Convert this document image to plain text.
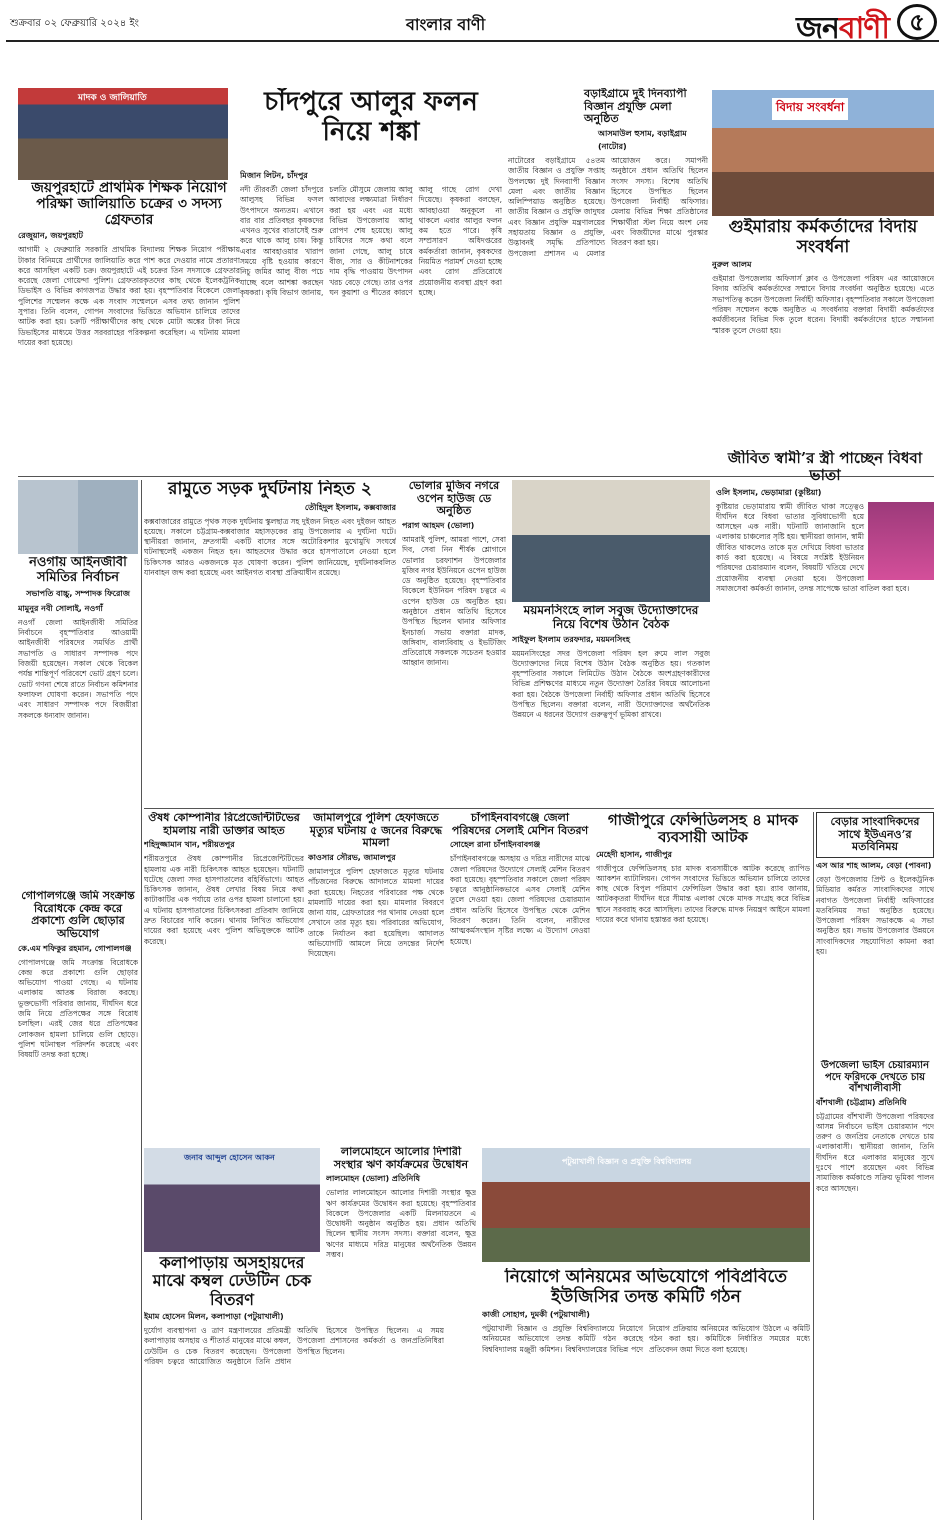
শুক্রবার ০২ ফেব্রুয়ারি ২০২৪ ইং	বাংলার বাণী	জনবাণী ৫
মাদক ও জালিয়াতি	চাঁদপুরে আলুর ফলন নিয়ে শঙ্কা
মিজান লিটন, চাঁদপুর
নদী তীরবর্তী জেলা চাঁদপুরে আলুসহ বিভিন্ন ফসল উৎপাদনে অন্যতম। এখানে বার বার প্রতিবছর কৃষকদের এখনও সুখের বাতাসেই শুরু করে থাকে আলু চাষ। কিন্তু এবার আবহাওয়ার খারাপ সময়ে বৃষ্টি হওয়ায় কারণে নিচু জমির আলু বীজ পচে যাচ্ছে বলে আশঙ্কা করছেন কৃষকরা। কৃষি বিভাগ জানায়, চলতি মৌসুমে জেলায় আলু আবাদের লক্ষ্যমাত্রা নির্ধারণ করা হয় এবং এর মধ্যে বিভিন্ন উপজেলায় আলু রোপণ শেষ হয়েছে। আলু চাষিদের সঙ্গে কথা বলে জানা গেছে, আলু চাষে বীজ, সার ও কীটনাশকের দাম বৃদ্ধি পাওয়ায় উৎপাদন খরচ বেড়ে গেছে। তার ওপর ঘন কুয়াশা ও শীতের কারণে আলু গাছে রোগ দেখা দিয়েছে। কৃষকরা বলছেন, আবহাওয়া অনুকূলে না থাকলে এবার আলুর ফলন কম হতে পারে। কৃষি সম্প্রসারণ অধিদপ্তরের কর্মকর্তারা জানান, কৃষকদের নিয়মিত পরামর্শ দেওয়া হচ্ছে এবং রোগ প্রতিরোধে প্রয়োজনীয় ব্যবস্থা গ্রহণ করা হচ্ছে।
বড়াইগ্রামে দুই দিনব্যাপী বিজ্ঞান প্রযুক্তি মেলা অনুষ্ঠিত
আসমাউল হুসাম, বড়াইগ্রাম (নাটোর)
নাটোরের বড়াইগ্রামে ৫৪তম জাতীয় বিজ্ঞান ও প্রযুক্তি সপ্তাহ উপলক্ষ্যে দুই দিনব্যাপী বিজ্ঞান মেলা এবং জাতীয় বিজ্ঞান অলিম্পিয়াড অনুষ্ঠিত হয়েছে। জাতীয় বিজ্ঞান ও প্রযুক্তি জাদুঘর এবং বিজ্ঞান প্রযুক্তি মন্ত্রণালয়ের সহায়তায় বিজ্ঞান ও প্রযুক্তি, উদ্ভাবনই সমৃদ্ধি প্রতিপাদ্যে উপজেলা প্রশাসন এ মেলার আয়োজন করে। সমাপনী অনুষ্ঠানে প্রধান অতিথি ছিলেন সংসদ সদস্য। বিশেষ অতিথি হিসেবে উপস্থিত ছিলেন উপজেলা নির্বাহী অফিসার। মেলায় বিভিন্ন শিক্ষা প্রতিষ্ঠানের শিক্ষার্থীরা স্টল নিয়ে অংশ নেয় এবং বিজয়ীদের মাঝে পুরস্কার বিতরণ করা হয়।
বিদায় সংবর্ধনা
গুইমারায় কর্মকর্তাদের বিদায় সংবর্ধনা
নুরুল আলম
গুইমারা উপজেলায় অফিসার্স ক্লাব ও উপজেলা পরিষদ এর আয়োজনে বিদায় অতিথি কর্মকর্তাদের সম্মানে বিদায় সংবর্ধনা অনুষ্ঠিত হয়েছে। এতে সভাপতিত্ব করেন উপজেলা নির্বাহী অফিসার। বৃহস্পতিবার সকালে উপজেলা পরিষদ সম্মেলন কক্ষে অনুষ্ঠিত এ সংবর্ধনায় বক্তারা বিদায়ী কর্মকর্তাদের কর্মজীবনের বিভিন্ন দিক তুলে ধরেন। বিদায়ী কর্মকর্তাদের হাতে সম্মাননা স্মারক তুলে দেওয়া হয়।
জয়পুরহাটে প্রাথমিক শিক্ষক নিয়োগ পরিক্ষা জালিয়াতি চক্রের ৩ সদস্য গ্রেফতার
রেজুয়ান, জয়পুরহাট
আগামী ২ ফেব্রুয়ারি সরকারি প্রাথমিক বিদ্যালয় শিক্ষক নিয়োগ পরীক্ষায় টাকার বিনিময়ে প্রার্থীদের জালিয়াতি করে পাশ করে দেওয়ার নামে প্রতারণা করে আসছিল একটি চক্র। জয়পুরহাটে এই চক্রের তিন সদস্যকে গ্রেফতার করেছে জেলা গোয়েন্দা পুলিশ। গ্রেফতারকৃতদের কাছ থেকে ইলেকট্রনিক ডিভাইস ও বিভিন্ন কাগজপত্র উদ্ধার করা হয়। বৃহস্পতিবার বিকেলে জেলা পুলিশের সম্মেলন কক্ষে এক সংবাদ সম্মেলনে এসব তথ্য জানান পুলিশ সুপার। তিনি বলেন, গোপন সংবাদের ভিত্তিতে অভিযান চালিয়ে তাদের আটক করা হয়। চক্রটি পরীক্ষার্থীদের কাছ থেকে মোটা অঙ্কের টাকা নিয়ে ডিভাইসের মাধ্যমে উত্তর সরবরাহের পরিকল্পনা করেছিল। এ ঘটনায় মামলা দায়ের করা হয়েছে।
নওগাঁয় আইনজীবী সমিতির নির্বাচন
সভাপতি বাচ্চু, সম্পাদক ফিরোজ
মামুনুর নবী সোলাই, নওগাঁ
নওগাঁ জেলা আইনজীবী সমিতির নির্বাচনে বৃহস্পতিবার আওয়ামী আইনজীবী পরিষদের সমর্থিত প্রার্থী সভাপতি ও সাধারণ সম্পাদক পদে বিজয়ী হয়েছেন। সকাল থেকে বিকেল পর্যন্ত শান্তিপূর্ণ পরিবেশে ভোট গ্রহণ চলে। ভোট গণনা শেষে রাতে নির্বাচন কমিশনার ফলাফল ঘোষণা করেন। সভাপতি পদে এবং সাধারণ সম্পাদক পদে বিজয়ীরা সকলকে ধন্যবাদ জানান।
রামুতে সড়ক দুর্ঘটনায় নিহত ২
তৌহিদুল ইসলাম, কক্সবাজার
কক্সবাজারের রামুতে পৃথক সড়ক দুর্ঘটনায় স্কুলছাত্র সহ দুইজন নিহত এবং দুইজন আহত হয়েছে। সকালে চট্টগ্রাম-কক্সবাজার মহাসড়কের রামু উপজেলায় এ দুর্ঘটনা ঘটে। স্থানীয়রা জানান, দ্রুতগামী একটি বাসের সঙ্গে অটোরিকশার মুখোমুখি সংঘর্ষে ঘটনাস্থলেই একজন নিহত হন। আহতদের উদ্ধার করে হাসপাতালে নেওয়া হলে চিকিৎসক আরও একজনকে মৃত ঘোষণা করেন। পুলিশ জানিয়েছে, দুর্ঘটনাকবলিত যানবাহন জব্দ করা হয়েছে এবং আইনগত ব্যবস্থা প্রক্রিয়াধীন রয়েছে।
ভোলার মুজিব নগরে ওপেন হাউজ ডে অনুষ্ঠিত
পরাগ আহমদ (ভোলা)
আমরাই পুলিশ, আমরা পাশে, সেবা দিব, সেবা নিন শীর্ষক শ্লোগানে ভোলার চরফ্যাশন উপজেলার মুজিব নগর ইউনিয়নে ওপেন হাউজ ডে অনুষ্ঠিত হয়েছে। বৃহস্পতিবার বিকেলে ইউনিয়ন পরিষদ চত্বরে এ ওপেন হাউজ ডে অনুষ্ঠিত হয়। অনুষ্ঠানে প্রধান অতিথি হিসেবে উপস্থিত ছিলেন থানার অফিসার ইনচার্জ। সভায় বক্তারা মাদক, জঙ্গিবাদ, বাল্যবিবাহ ও ইভটিজিং প্রতিরোধে সকলকে সচেতন হওয়ার আহ্বান জানান।
ময়মনসিংহে লাল সবুজ উদ্যোক্তাদের নিয়ে বিশেষ উঠান বৈঠক
সাইফুল ইসলাম তরফদার, ময়মনসিংহ
ময়মনসিংহের সদর উপজেলা পরিষদ হল রুমে লাল সবুজ উদ্যোক্তাদের নিয়ে বিশেষ উঠান বৈঠক অনুষ্ঠিত হয়। গতকাল বৃহস্পতিবার সকালে লিমিটেড উঠান বৈঠকে অংশগ্রহণকারীদের বিভিন্ন প্রশিক্ষণের মাধ্যমে নতুন উদ্যোক্তা তৈরির বিষয়ে আলোচনা করা হয়। বৈঠকে উপজেলা নির্বাহী অফিসার প্রধান অতিথি হিসেবে উপস্থিত ছিলেন। বক্তারা বলেন, নারী উদ্যোক্তাদের অর্থনৈতিক উন্নয়নে এ ধরনের উদ্যোগ গুরুত্বপূর্ণ ভূমিকা রাখবে।
জীবিত স্বামী’র স্ত্রী পাচ্ছেন বিধবা ভাতা
ওলি ইসলাম, ভেড়ামারা (কুষ্টিয়া)
কুষ্টিয়ার ভেড়ামারায় স্বামী জীবিত থাকা সত্ত্বেও দীর্ঘদিন ধরে বিধবা ভাতার সুবিধাভোগী হয়ে আসছেন এক নারী। ঘটনাটি জানাজানি হলে এলাকায় চাঞ্চল্যের সৃষ্টি হয়। স্থানীয়রা জানান, স্বামী জীবিত থাকলেও তাকে মৃত দেখিয়ে বিধবা ভাতার কার্ড করা হয়েছে। এ বিষয়ে সংশ্লিষ্ট ইউনিয়ন পরিষদের চেয়ারম্যান বলেন, বিষয়টি খতিয়ে দেখে প্রয়োজনীয় ব্যবস্থা নেওয়া হবে। উপজেলা সমাজসেবা কর্মকর্তা জানান, তদন্ত সাপেক্ষে ভাতা বাতিল করা হবে।
ঔষধ কোম্পানীর রিপ্রেজেন্টিটিভের হামলায় নারী ডাক্তার আহত
শহিদুজ্জামান খান, শরীয়তপুর
শরীয়তপুরে ঔষধ কোম্পানীর রিপ্রেজেন্টিটিভের হামলায় এক নারী চিকিৎসক আহত হয়েছেন। ঘটনাটি ঘটেছে জেলা সদর হাসপাতালের বহির্বিভাগে। আহত চিকিৎসক জানান, ঔষধ লেখার বিষয় নিয়ে কথা কাটাকাটির এক পর্যায়ে তার ওপর হামলা চালানো হয়। এ ঘটনায় হাসপাতালের চিকিৎসকরা প্রতিবাদ জানিয়ে দ্রুত বিচারের দাবি করেন। থানায় লিখিত অভিযোগ দায়ের করা হয়েছে এবং পুলিশ অভিযুক্তকে আটক করেছে।
জামালপুরে পুলিশ হেফাজতে মৃত্যুর ঘটনায় ৫ জনের বিরুদ্ধে মামলা
কাওসার সৌরভ, জামালপুর
জামালপুরে পুলিশ হেফাজতে মৃত্যুর ঘটনায় পাঁচজনের বিরুদ্ধে আদালতে মামলা দায়ের করা হয়েছে। নিহতের পরিবারের পক্ষ থেকে মামলাটি দায়ের করা হয়। মামলার বিবরণে জানা যায়, গ্রেফতারের পর থানায় নেওয়া হলে সেখানে তার মৃত্যু হয়। পরিবারের অভিযোগ, তাকে নির্যাতন করা হয়েছিল। আদালত অভিযোগটি আমলে নিয়ে তদন্তের নির্দেশ দিয়েছেন।
চাঁপাইনবাবগঞ্জে জেলা পরিষদের সেলাই মেশিন বিতরণ
সোহেল রানা চাঁপাইনবাবগঞ্জ
চাঁপাইনবাবগঞ্জে অসহায় ও দরিদ্র নারীদের মাঝে জেলা পরিষদের উদ্যোগে সেলাই মেশিন বিতরণ করা হয়েছে। বৃহস্পতিবার সকালে জেলা পরিষদ চত্বরে আনুষ্ঠানিকভাবে এসব সেলাই মেশিন তুলে দেওয়া হয়। জেলা পরিষদের চেয়ারম্যান প্রধান অতিথি হিসেবে উপস্থিত থেকে মেশিন বিতরণ করেন। তিনি বলেন, নারীদের আত্মকর্মসংস্থান সৃষ্টির লক্ষ্যে এ উদ্যোগ নেওয়া হয়েছে।
গাজীপুরে ফেন্সিডিলসহ ৪ মাদক ব্যবসায়ী আটক
মেহেদী হাসান, গাজীপুর
গাজীপুরে ফেন্সিডিলসহ চার মাদক ব্যবসায়ীকে আটক করেছে র‍্যাপিড অ্যাকশন ব্যাটালিয়ন। গোপন সংবাদের ভিত্তিতে অভিযান চালিয়ে তাদের কাছ থেকে বিপুল পরিমাণ ফেন্সিডিল উদ্ধার করা হয়। র‍্যাব জানায়, আটককৃতরা দীর্ঘদিন ধরে সীমান্ত এলাকা থেকে মাদক সংগ্রহ করে বিভিন্ন স্থানে সরবরাহ করে আসছিল। তাদের বিরুদ্ধে মাদক নিয়ন্ত্রণ আইনে মামলা দায়ের করে থানায় হস্তান্তর করা হয়েছে।
বেড়ার সাংবাদিকদের সাথে ইউএনও’র মতবিনিময়
এস আর শাহ আলম, বেড়া (পাবনা)
বেড়া উপজেলায় প্রিন্ট ও ইলেকট্রনিক মিডিয়ার কর্মরত সাংবাদিকদের সাথে নবাগত উপজেলা নির্বাহী অফিসারের মতবিনিময় সভা অনুষ্ঠিত হয়েছে। উপজেলা পরিষদ সভাকক্ষে এ সভা অনুষ্ঠিত হয়। সভায় উপজেলার উন্নয়নে সাংবাদিকদের সহযোগিতা কামনা করা হয়।
গোপালগঞ্জে জমি সংক্রান্ত বিরোধকে কেন্দ্র করে প্রকাশ্যে গুলি ছোড়ার অভিযোগ
কে.এম শফিকুর রহমান, গোপালগঞ্জ
গোপালগঞ্জে জমি সংক্রান্ত বিরোধকে কেন্দ্র করে প্রকাশ্যে গুলি ছোড়ার অভিযোগ পাওয়া গেছে। এ ঘটনায় এলাকায় আতঙ্ক বিরাজ করছে। ভুক্তভোগী পরিবার জানায়, দীর্ঘদিন ধরে জমি নিয়ে প্রতিপক্ষের সঙ্গে বিরোধ চলছিল। এরই জের ধরে প্রতিপক্ষের লোকজন হামলা চালিয়ে গুলি ছোড়ে। পুলিশ ঘটনাস্থল পরিদর্শন করেছে এবং বিষয়টি তদন্ত করা হচ্ছে।
উপজেলা ভাইস চেয়ারম্যান পদে ফরিদকে দেখতে চায় বাঁশখালীবাসী
বাঁশখালী (চট্টগ্রাম) প্রতিনিধি
চট্টগ্রামের বাঁশখালী উপজেলা পরিষদের আসন্ন নির্বাচনে ভাইস চেয়ারম্যান পদে তরুণ ও জনপ্রিয় নেতাকে দেখতে চায় এলাকাবাসী। স্থানীয়রা জানান, তিনি দীর্ঘদিন ধরে এলাকার মানুষের সুখে দুঃখে পাশে রয়েছেন এবং বিভিন্ন সামাজিক কর্মকাণ্ডে সক্রিয় ভূমিকা পালন করে আসছেন।
জনাব আব্দুল হোসেন আকন
কলাপাড়ায় অসহায়দের মাঝে কম্বল ঢেউটিন চেক বিতরণ
ইমাম হোসেন মিলন, কলাপাড়া (পটুয়াখালী)
দুর্যোগ ব্যবস্থাপনা ও ত্রাণ মন্ত্রণালয়ের প্রতিমন্ত্রী কলাপাড়ায় অসহায় ও শীতার্ত মানুষের মাঝে কম্বল, ঢেউটিন ও চেক বিতরণ করেছেন। উপজেলা পরিষদ চত্বরে আয়োজিত অনুষ্ঠানে তিনি প্রধান অতিথি হিসেবে উপস্থিত ছিলেন। এ সময় উপজেলা প্রশাসনের কর্মকর্তা ও জনপ্রতিনিধিরা উপস্থিত ছিলেন।
লালমোহনে আলোর দিশারী সংস্থার ঋণ কার্যক্রমের উদ্বোধন
লালমোহন (ভোলা) প্রতিনিধি
ভোলার লালমোহনে আলোর দিশারী সংস্থার ক্ষুদ্র ঋণ কার্যক্রমের উদ্বোধন করা হয়েছে। বৃহস্পতিবার বিকেলে উপজেলার একটি মিলনায়তনে এ উদ্বোধনী অনুষ্ঠান অনুষ্ঠিত হয়। প্রধান অতিথি ছিলেন স্থানীয় সংসদ সদস্য। বক্তারা বলেন, ক্ষুদ্র ঋণের মাধ্যমে দরিদ্র মানুষের অর্থনৈতিক উন্নয়ন সম্ভব।
পটুয়াখালী বিজ্ঞান ও প্রযুক্তি বিশ্ববিদ্যালয়
নিয়োগে অনিয়মের অভিযোগে পবিপ্রবিতে ইউজিসির তদন্ত কমিটি গঠন
কাজী সোহাগ, দুমকী (পটুয়াখালী)
পটুয়াখালী বিজ্ঞান ও প্রযুক্তি বিশ্ববিদ্যালয়ে নিয়োগে অনিয়মের অভিযোগে তদন্ত কমিটি গঠন করেছে বিশ্ববিদ্যালয় মঞ্জুরী কমিশন। বিশ্ববিদ্যালয়ের বিভিন্ন পদে নিয়োগ প্রক্রিয়ায় অনিয়মের অভিযোগ উঠলে এ কমিটি গঠন করা হয়। কমিটিকে নির্ধারিত সময়ের মধ্যে প্রতিবেদন জমা দিতে বলা হয়েছে।
